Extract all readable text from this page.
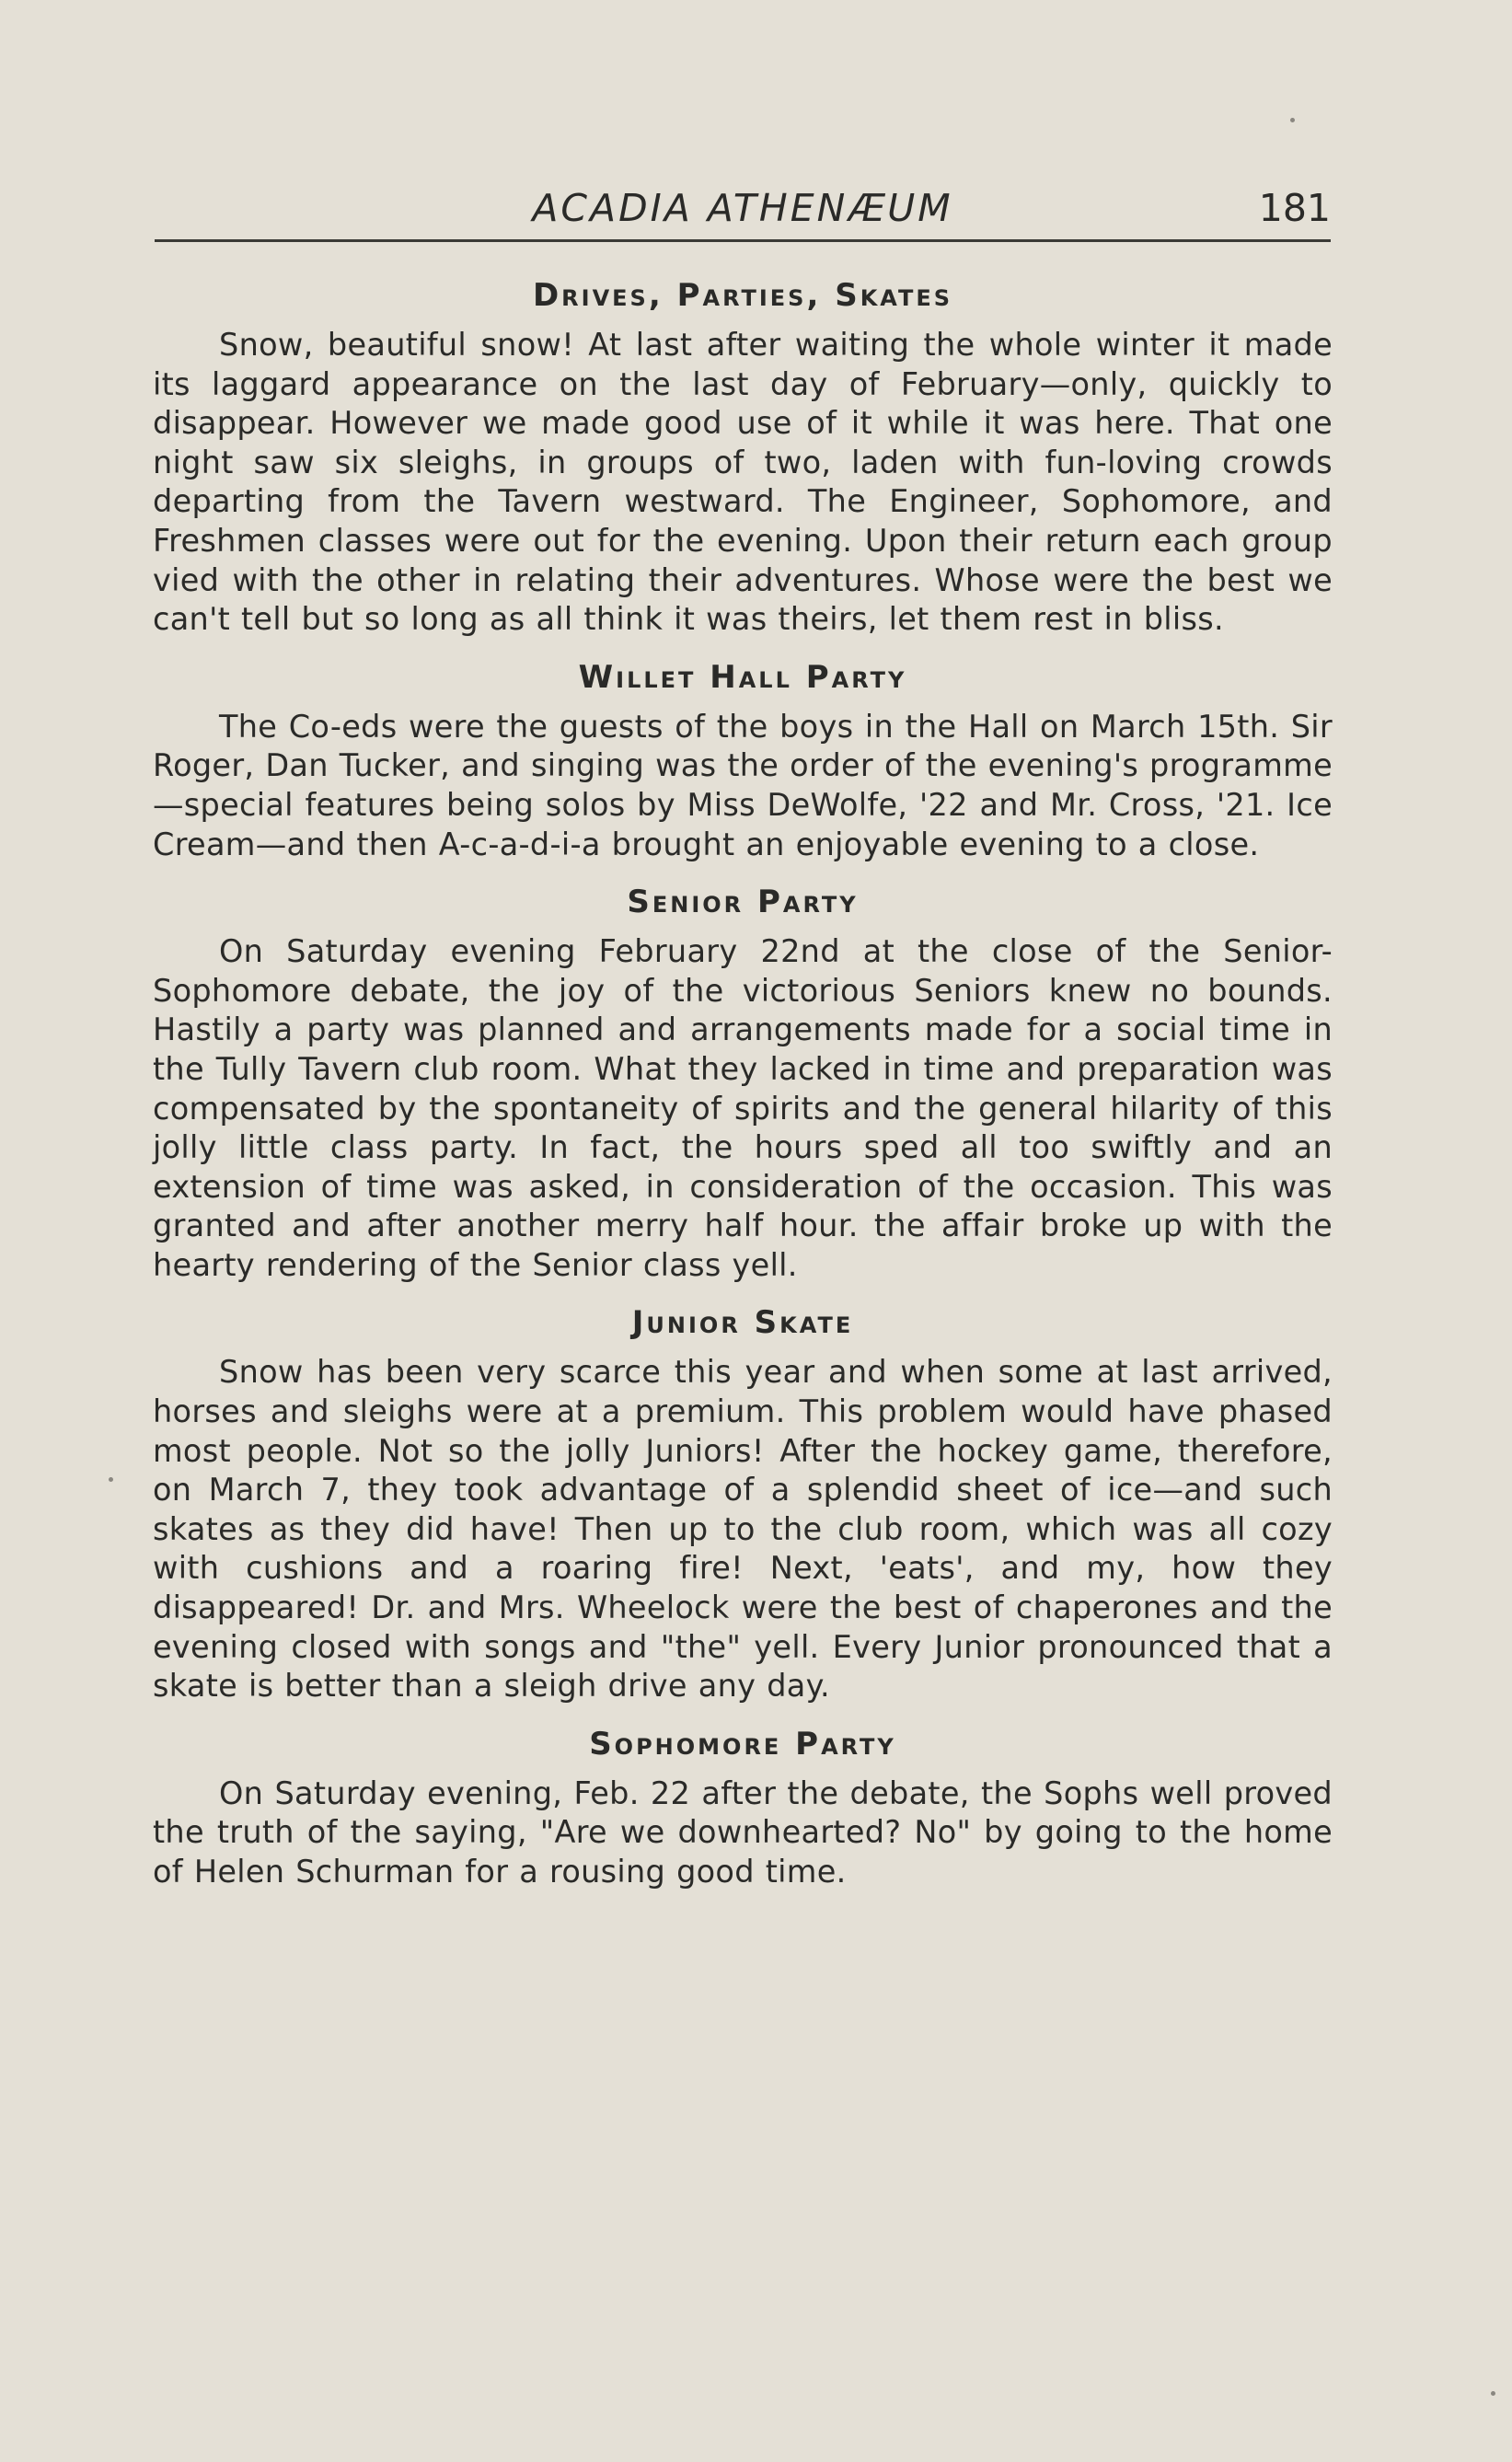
ACADIA ATHENÆUM	181
Drives, Parties, Skates

Snow, beautiful snow! At last after waiting the whole winter it made its laggard appearance on the last day of February—only, quickly to disappear. However we made good use of it while it was here. That one night saw six sleighs, in groups of two, laden with fun-loving crowds departing from the Tavern westward. The Engineer, Sophomore, and Freshmen classes were out for the evening. Upon their return each group vied with the other in relating their adventures. Whose were the best we can't tell but so long as all think it was theirs, let them rest in bliss.

Willet Hall Party

The Co-eds were the guests of the boys in the Hall on March 15th. Sir Roger, Dan Tucker, and singing was the order of the evening's programme—special features being solos by Miss DeWolfe, '22 and Mr. Cross, '21. Ice Cream—and then A-c-a-d-i-a brought an enjoyable evening to a close.

Senior Party

On Saturday evening February 22nd at the close of the Senior-Sophomore debate, the joy of the victorious Seniors knew no bounds. Hastily a party was planned and arrangements made for a social time in the Tully Tavern club room. What they lacked in time and preparation was compensated by the spontaneity of spirits and the general hilarity of this jolly little class party. In fact, the hours sped all too swiftly and an extension of time was asked, in consideration of the occasion. This was granted and after another merry half hour. the affair broke up with the hearty rendering of the Senior class yell.

Junior Skate

Snow has been very scarce this year and when some at last arrived, horses and sleighs were at a premium. This problem would have phased most people. Not so the jolly Juniors! After the hockey game, therefore, on March 7, they took advantage of a splendid sheet of ice—and such skates as they did have! Then up to the club room, which was all cozy with cushions and a roaring fire! Next, 'eats', and my, how they disappeared! Dr. and Mrs. Wheelock were the best of chaperones and the evening closed with songs and "the" yell. Every Junior pronounced that a skate is better than a sleigh drive any day.

Sophomore Party

On Saturday evening, Feb. 22 after the debate, the Sophs well proved the truth of the saying, "Are we downhearted? No" by going to the home of Helen Schurman for a rousing good time.
